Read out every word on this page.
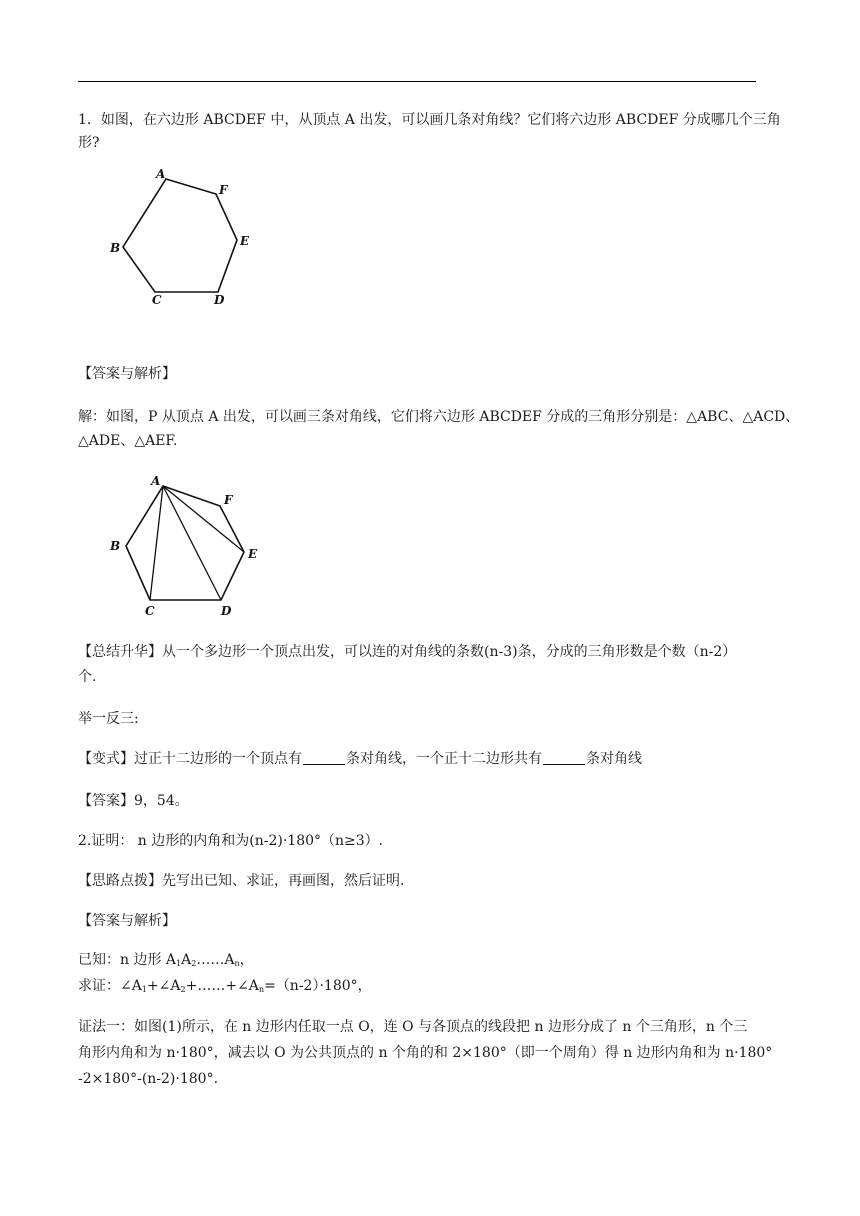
1．如图，在六边形 ABCDEF 中，从顶点 A 出发，可以画几条对角线？它们将六边形 ABCDEF 分成哪几个三角
形?
A
F
E
B
C	D
【答案与解析】
解：如图，P 从顶点 A 出发，可以画三条对角线，它们将六边形 ABCDEF 分成的三角形分别是：△ABC、△ACD、
△ADE、△AEF.
A
F
E
B
C	D
【总结升华】从一个多边形一个顶点出发，可以连的对角线的条数(n-3)条，分成的三角形数是个数（n-2）
个.
举一反三:
【变式】过正十二边形的一个顶点有	条对角线，一个正十二边形共有	条对角线
【答案】9，54。
2.证明： n 边形的内角和为(n-2)·180°（n≥3）.
【思路点拨】先写出已知、求证，再画图，然后证明.
【答案与解析】
已知：n 边形 $A_1A_2\dots\dots A_n$，
求证：$\angle A_1+\angle A_2+\dots\dots+\angle A_n=(n-2)\cdot 180^\circ$，
证法一：如图(1)所示，在 n 边形内任取一点 O，连 O 与各顶点的线段把 n 边形分成了 n 个三角形，n 个三
角形内角和为 n·180°，减去以 O 为公共顶点的 n 个角的和 2×180°（即一个周角）得 n 边形内角和为 n·180°
-2×180°-(n-2)·180°.
